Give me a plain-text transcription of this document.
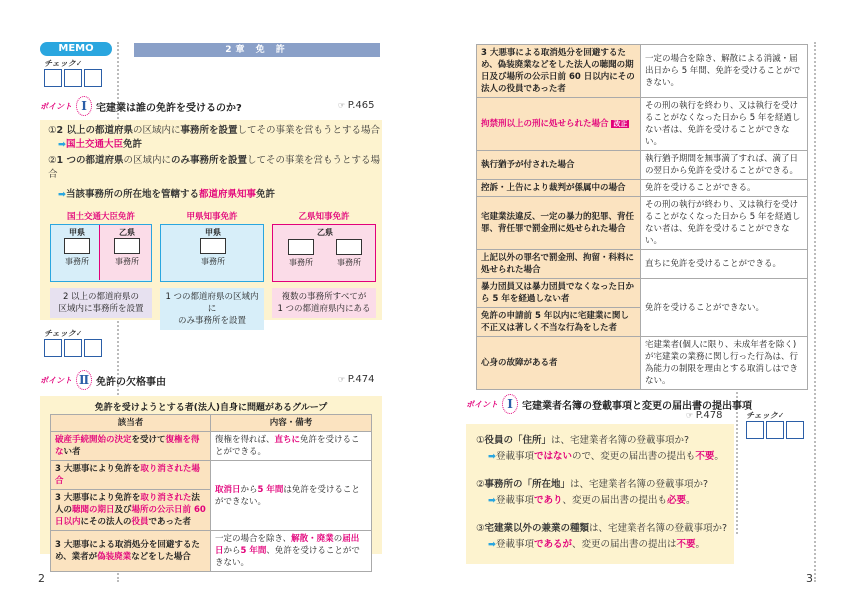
MEMO	2章 免 許
チェック✓
ポイント Ⅰ 宅建業は誰の免許を受けるのか?	☞ P.465
①2 以上の都道府県の区域内に事務所を設置してその事業を営もうとする場合
➡国土交通大臣免許
②1 つの都道府県の区域内にのみ事務所を設置してその事業を営もうとする場合
➡当該事務所の所在地を管轄する都道府県知事免許
国土交通大臣免許
甲県
事務所
乙県
事務所
2 以上の都道府県の
区域内に事務所を設置
甲県知事免許
甲県
事務所
1 つの都道府県の区域内に
のみ事務所を設置
乙県知事免許
乙県
事務所	事務所
複数の事務所すべてが
1 つの都道府県内にある
チェック✓
ポイント Ⅱ 免許の欠格事由	☞ P.474
免許を受けようとする者(法人)自身に問題があるグループ
該当者	内容・備考
破産手続開始の決定を受けて復権を得ない者	復権を得れば、直ちに免許を受けることができる。
3 大悪事により免許を取り消された場合	取消日から5 年間は免許を受けることができない。
3 大悪事により免許を取り消された法人の聴聞の期日及び場所の公示日前 60 日以内にその法人の役員であった者	
3 大悪事による取消処分を回避するため、業者が偽装廃業などをした場合	一定の場合を除き、解散・廃業の届出日から5 年間、免許を受けることができない。
2
3 大悪事による取消処分を回避するため、偽装廃業などをした法人の聴聞の期日及び場所の公示日前 60 日以内にその法人の役員であった者	一定の場合を除き、解散による消滅・届出日から 5 年間、免許を受けることができない。
拘禁刑以上の刑に処せられた場合 改正	その刑の執行を終わり、又は執行を受けることがなくなった日から 5 年を経過しない者は、免許を受けることができない。
執行猶予が付された場合	執行猶予期間を無事満了すれば、満了日の翌日から免許を受けることができる。
控訴・上告により裁判が係属中の場合	免許を受けることができる。
宅建業法違反、一定の暴力的犯罪、背任罪、背任罪で罰金刑に処せられた場合	その刑の執行が終わり、又は執行を受けることがなくなった日から 5 年を経過しない者は、免許を受けることができない。
上記以外の罪名で罰金刑、拘留・科料に処せられた場合	直ちに免許を受けることができる。
暴力団員又は暴力団員でなくなった日から 5 年を経過しない者	免許を受けることができない。
免許の申請前 5 年以内に宅建業に関し不正又は著しく不当な行為をした者	
心身の故障がある者	宅建業者(個人に限り、未成年者を除く)が宅建業の業務に関し行った行為は、行為能力の制限を理由とする取消しはできない。
ポイント Ⅰ 宅建業者名簿の登載事項と変更の届出書の提出事項
☞ P.478	チェック✓
①役員の「住所」は、宅建業者名簿の登載事項か?
➡登載事項ではないので、変更の届出書の提出も不要。
②事務所の「所在地」は、宅建業者名簿の登載事項か?
➡登載事項であり、変更の届出書の提出も必要。
③宅建業以外の兼業の種類は、宅建業者名簿の登載事項か?
➡登載事項であるが、変更の届出書の提出は不要。
3
